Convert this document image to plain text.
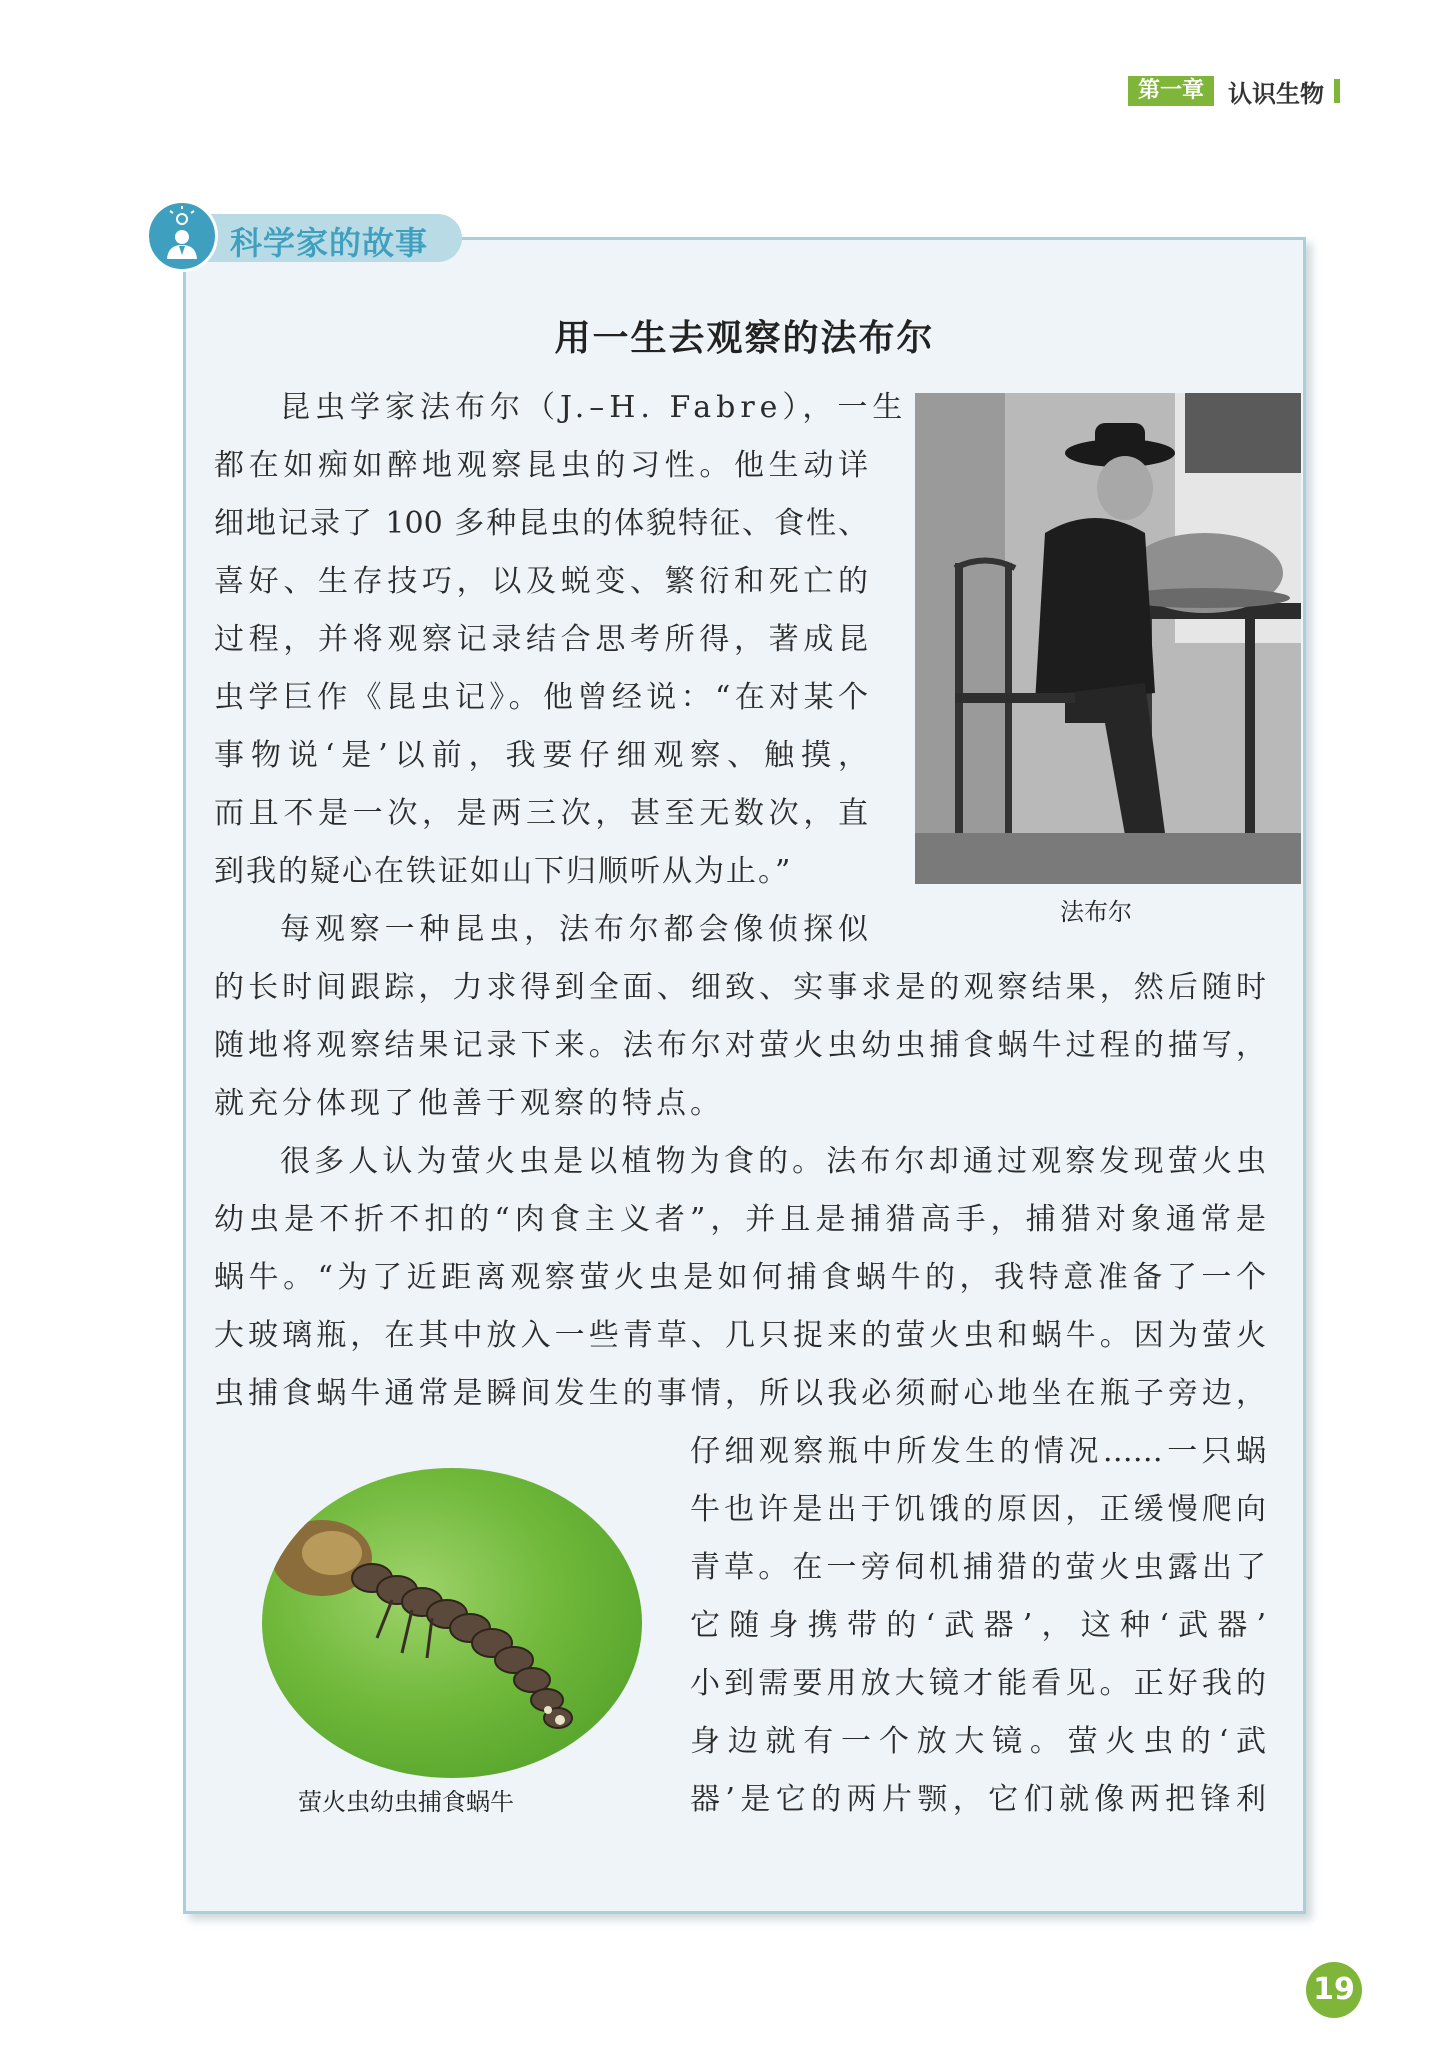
第一章	认识生物
科学家的故事
用一生去观察的法布尔
法布尔
萤火虫幼虫捕食蜗牛
昆虫学家法布尔（J.–H. Fabre），一生
都在如痴如醉地观察昆虫的习性。他生动详
细地记录了 100 多种昆虫的体貌特征、食性、
喜好、生存技巧，以及蜕变、繁衍和死亡的
过程，并将观察记录结合思考所得，著成昆
虫学巨作《昆虫记》。他曾经说：“在对某个
事物说‘是’以前，我要仔细观察、触摸，
而且不是一次，是两三次，甚至无数次，直
到我的疑心在铁证如山下归顺听从为止。”
每观察一种昆虫，法布尔都会像侦探似
的长时间跟踪，力求得到全面、细致、实事求是的观察结果，然后随时
随地将观察结果记录下来。法布尔对萤火虫幼虫捕食蜗牛过程的描写，
就充分体现了他善于观察的特点。
很多人认为萤火虫是以植物为食的。法布尔却通过观察发现萤火虫
幼虫是不折不扣的“肉食主义者”，并且是捕猎高手，捕猎对象通常是
蜗牛。“为了近距离观察萤火虫是如何捕食蜗牛的，我特意准备了一个
大玻璃瓶，在其中放入一些青草、几只捉来的萤火虫和蜗牛。因为萤火
虫捕食蜗牛通常是瞬间发生的事情，所以我必须耐心地坐在瓶子旁边，
仔细观察瓶中所发生的情况……一只蜗
牛也许是出于饥饿的原因，正缓慢爬向
青草。在一旁伺机捕猎的萤火虫露出了
它随身携带的‘武器’，这种‘武器’
小到需要用放大镜才能看见。正好我的
身边就有一个放大镜。萤火虫的‘武
器’是它的两片颚，它们就像两把锋利
19
